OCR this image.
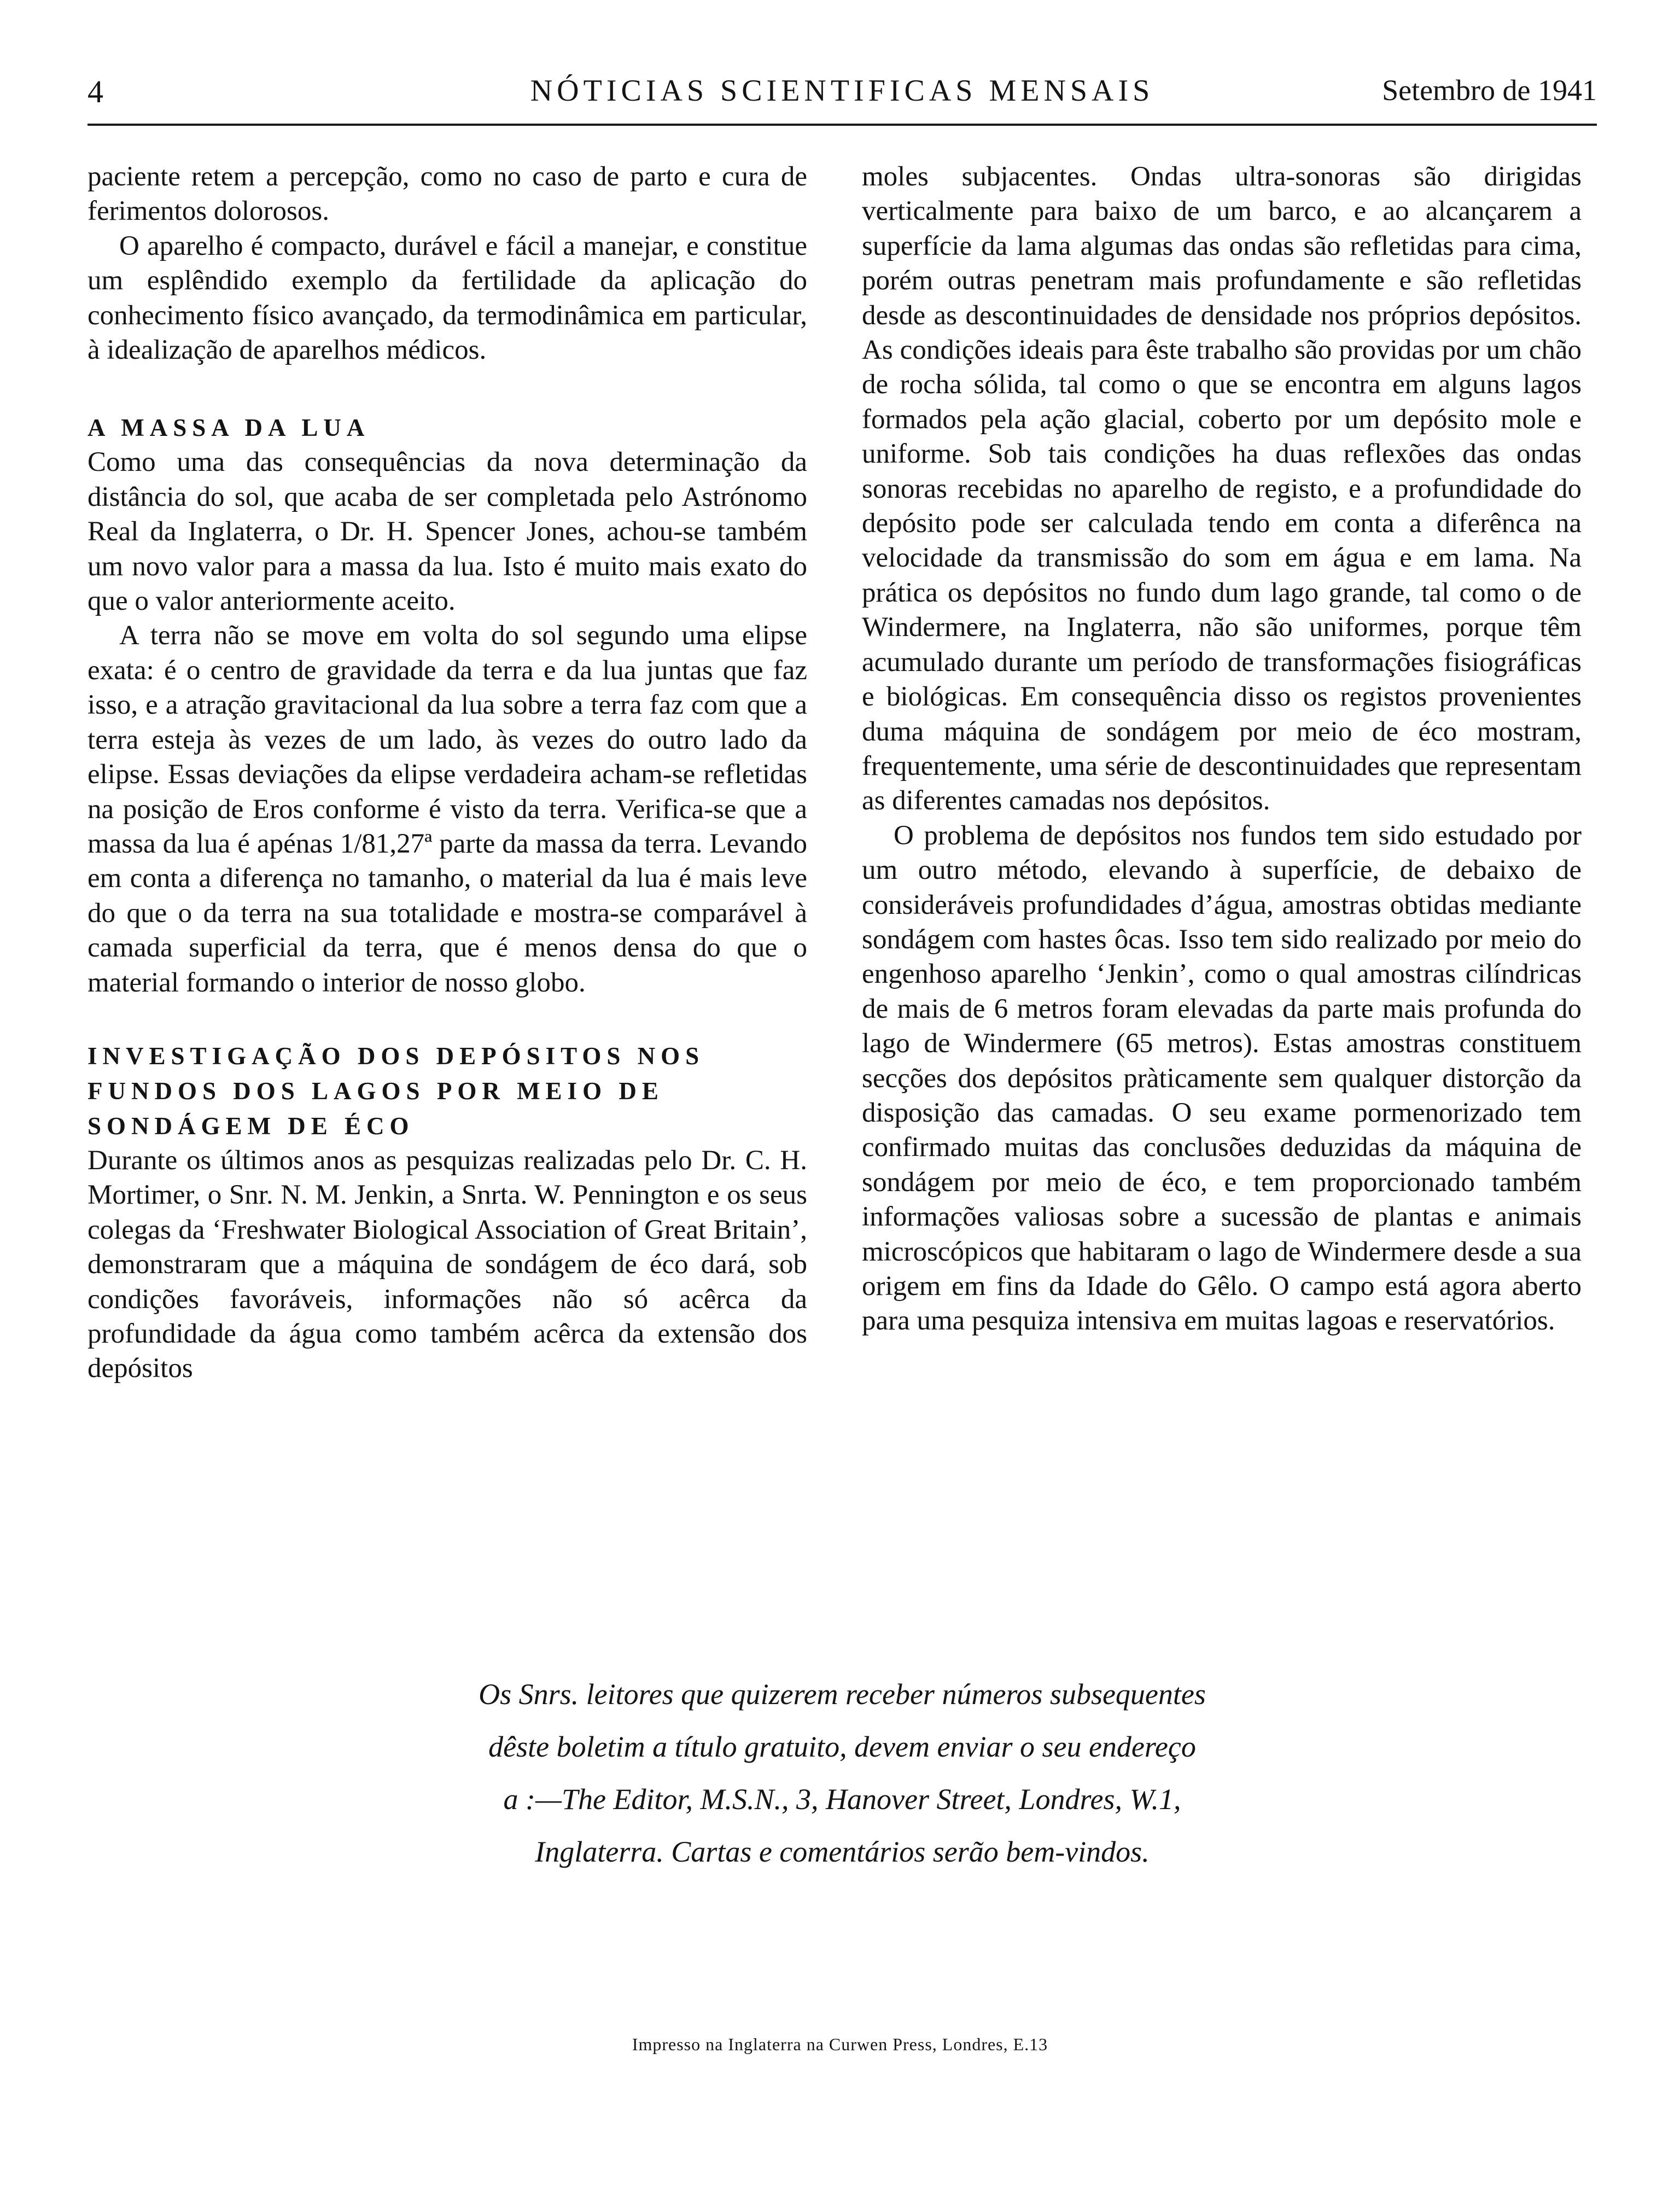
4	NÓTICIAS SCIENTIFICAS MENSAIS	Setembro de 1941

paciente retem a percepção, como no caso de parto e cura de ferimentos dolorosos.

O aparelho é compacto, durável e fácil a manejar, e constitue um esplêndido exemplo da fertilidade da aplicação do conhecimento físico avançado, da termodinâmica em particular, à idealização de aparelhos médicos.

A MASSA DA LUA

Como uma das consequências da nova determinação da distância do sol, que acaba de ser completada pelo Astrónomo Real da Inglaterra, o Dr. H. Spencer Jones, achou-se também um novo valor para a massa da lua. Isto é muito mais exato do que o valor anteriormente aceito.

A terra não se move em volta do sol segundo uma elipse exata: é o centro de gravidade da terra e da lua juntas que faz isso, e a atração gravitacional da lua sobre a terra faz com que a terra esteja às vezes de um lado, às vezes do outro lado da elipse. Essas deviações da elipse verdadeira acham-se refletidas na posição de Eros conforme é visto da terra. Verifica-se que a massa da lua é apénas 1/81,27ª parte da massa da terra. Levando em conta a diferença no tamanho, o material da lua é mais leve do que o da terra na sua totalidade e mostra-se comparável à camada superficial da terra, que é menos densa do que o material formando o interior de nosso globo.

INVESTIGAÇÃO DOS DEPÓSITOS NOS FUNDOS DOS LAGOS POR MEIO DE SONDÁGEM DE ÉCO

Durante os últimos anos as pesquizas realizadas pelo Dr. C. H. Mortimer, o Snr. N. M. Jenkin, a Snrta. W. Pennington e os seus colegas da ‘Freshwater Biological Association of Great Britain’, demonstraram que a máquina de sondágem de éco dará, sob condições favoráveis, informações não só acêrca da profundidade da água como também acêrca da extensão dos depósitos

moles subjacentes. Ondas ultra-sonoras são dirigidas verticalmente para baixo de um barco, e ao alcançarem a superfície da lama algumas das ondas são refletidas para cima, porém outras penetram mais profundamente e são refletidas desde as descontinuidades de densidade nos próprios depósitos. As condições ideais para êste trabalho são providas por um chão de rocha sólida, tal como o que se encontra em alguns lagos formados pela ação glacial, coberto por um depósito mole e uniforme. Sob tais condições ha duas reflexões das ondas sonoras recebidas no aparelho de registo, e a profundidade do depósito pode ser calculada tendo em conta a diferênca na velocidade da transmissão do som em água e em lama. Na prática os depósitos no fundo dum lago grande, tal como o de Windermere, na Inglaterra, não são uniformes, porque têm acumulado durante um período de transformações fisiográficas e biológicas. Em consequência disso os registos provenientes duma máquina de sondágem por meio de éco mostram, frequentemente, uma série de descontinuidades que representam as diferentes camadas nos depósitos.

O problema de depósitos nos fundos tem sido estudado por um outro método, elevando à superfície, de debaixo de consideráveis profundidades d’água, amostras obtidas mediante sondágem com hastes ôcas. Isso tem sido realizado por meio do engenhoso aparelho ‘Jenkin’, como o qual amostras cilíndricas de mais de 6 metros foram elevadas da parte mais profunda do lago de Windermere (65 metros). Estas amostras constituem secções dos depósitos pràticamente sem qualquer distorção da disposição das camadas. O seu exame pormenorizado tem confirmado muitas das conclusões deduzidas da máquina de sondágem por meio de éco, e tem proporcionado também informações valiosas sobre a sucessão de plantas e animais microscópicos que habitaram o lago de Windermere desde a sua origem em fins da Idade do Gêlo. O campo está agora aberto para uma pesquiza intensiva em muitas lagoas e reservatórios.

Os Snrs. leitores que quizerem receber números subsequentes
dêste boletim a título gratuito, devem enviar o seu endereço
a :—The Editor, M.S.N., 3, Hanover Street, Londres, W.1,
Inglaterra. Cartas e comentários serão bem-vindos.
Impresso na Inglaterra na Curwen Press, Londres, E.13
